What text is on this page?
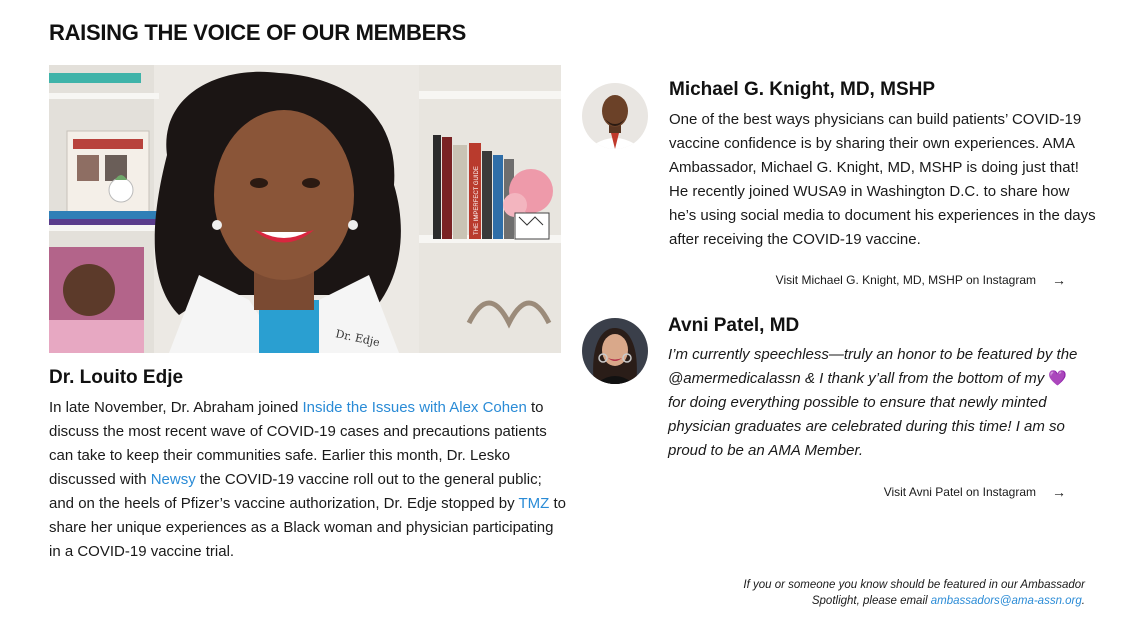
RAISING THE VOICE OF OUR MEMBERS
Dr. Edje
THE IMPERFECT GUIDE
Dr. Louito Edje

In late November, Dr. Abraham joined Inside the Issues with Alex Cohen to discuss the most recent wave of COVID-19 cases and precautions patients can take to keep their communities safe. Earlier this month, Dr. Lesko discussed with Newsy the COVID-19 vaccine roll out to the general public; and on the heels of Pfizer’s vaccine authorization, Dr. Edje stopped by TMZ to share her unique experiences as a Black woman and physician participating in a COVID-19 vaccine trial.

Michael G. Knight, MD, MSHP

One of the best ways physicians can build patients’ COVID-19 vaccine confidence is by sharing their own experiences. AMA Ambassador, Michael G. Knight, MD, MSHP is doing just that! He recently joined WUSA9 in Washington D.C. to share how he’s using social media to document his experiences in the days after receiving the COVID-19 vaccine.

Visit Michael G. Knight, MD, MSHP on Instagram →
Avni Patel, MD

I’m currently speechless—truly an honor to be featured by the @amermedicalassn & I thank y’all from the bottom of my 💜 for doing everything possible to ensure that newly minted physician graduates are celebrated during this time! I am so proud to be an AMA Member.

Visit Avni Patel on Instagram →
If you or someone you know should be featured in our Ambassador Spotlight, please email ambassadors@ama-assn.org.
